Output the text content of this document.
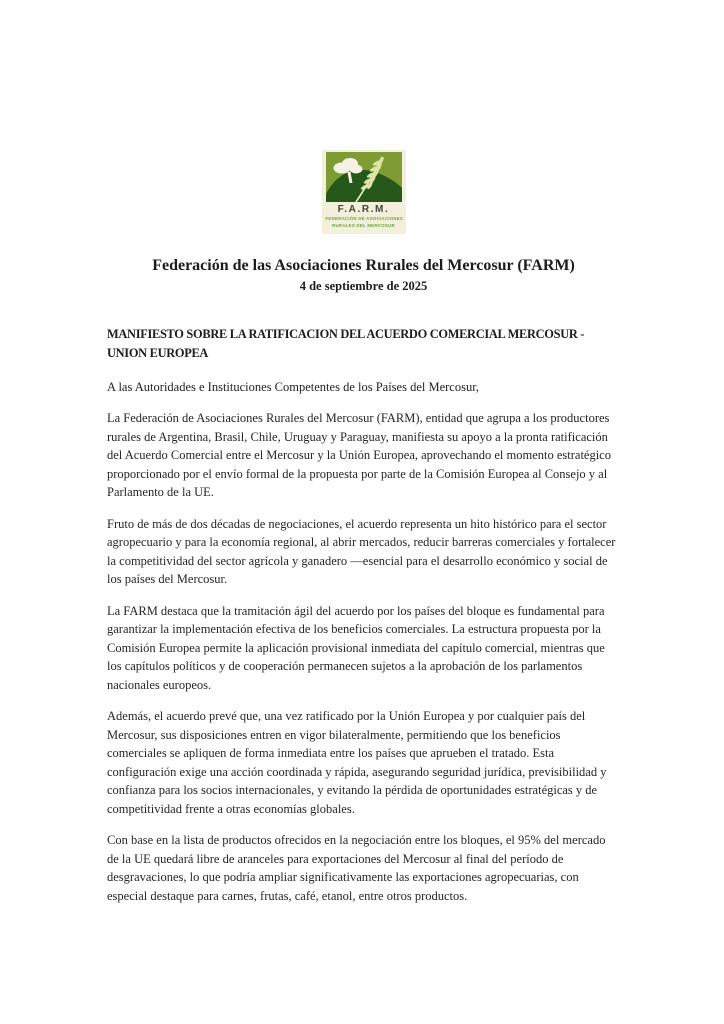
F.A.R.M.
FEDERACIÓN DE ASOCIACIONES
RURALES DEL MERCOSUR
Federación de las Asociaciones Rurales del Mercosur (FARM)
4 de septiembre de 2025

MANIFIESTO SOBRE LA RATIFICACION DEL ACUERDO COMERCIAL MERCOSUR -UNION EUROPEA

A las Autoridades e Instituciones Competentes de los Países del Mercosur,

La Federación de Asociaciones Rurales del Mercosur (FARM), entidad que agrupa a los productores rurales de Argentina, Brasil, Chile, Uruguay y Paraguay, manifiesta su apoyo a la pronta ratificación del Acuerdo Comercial entre el Mercosur y la Unión Europea, aprovechando el momento estratégico proporcionado por el envío formal de la propuesta por parte de la Comisión Europea al Consejo y al Parlamento de la UE.

Fruto de más de dos décadas de negociaciones, el acuerdo representa un hito histórico para el sector agropecuario y para la economía regional, al abrir mercados, reducir barreras comerciales y fortalecer la competitividad del sector agrícola y ganadero —esencial para el desarrollo económico y social de los países del Mercosur.

La FARM destaca que la tramitación ágil del acuerdo por los países del bloque es fundamental para garantizar la implementación efectiva de los beneficios comerciales. La estructura propuesta por la Comisión Europea permite la aplicación provisional inmediata del capítulo comercial, mientras que los capítulos políticos y de cooperación permanecen sujetos a la aprobación de los parlamentos nacionales europeos.

Además, el acuerdo prevé que, una vez ratificado por la Unión Europea y por cualquier país del Mercosur, sus disposiciones entren en vigor bilateralmente, permitiendo que los beneficios comerciales se apliquen de forma inmediata entre los países que aprueben el tratado. Esta configuración exige una acción coordinada y rápida, asegurando seguridad jurídica, previsibilidad y confianza para los socios internacionales, y evitando la pérdida de oportunidades estratégicas y de competitividad frente a otras economías globales.

Con base en la lista de productos ofrecidos en la negociación entre los bloques, el 95% del mercado de la UE quedará libre de aranceles para exportaciones del Mercosur al final del período de desgravaciones, lo que podría ampliar significativamente las exportaciones agropecuarias, con especial destaque para carnes, frutas, café, etanol, entre otros productos.
